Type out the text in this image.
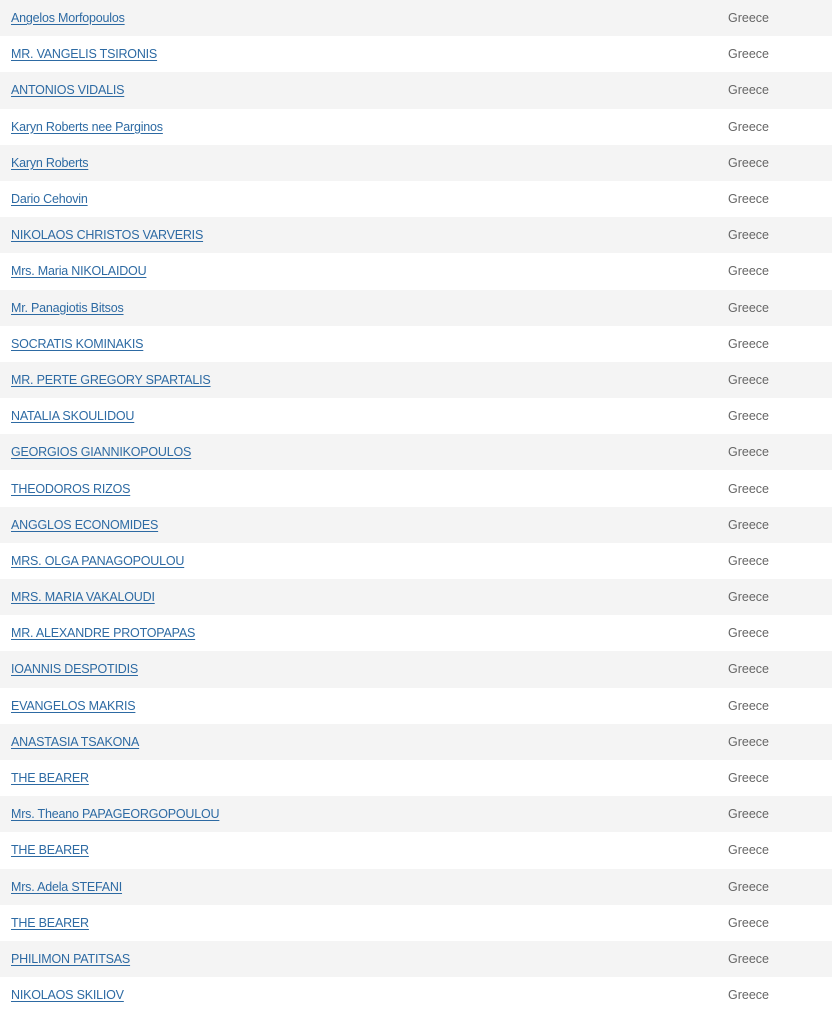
Angelos Morfopoulos	Greece
MR. VANGELIS TSIRONIS	Greece
ANTONIOS VIDALIS	Greece
Karyn Roberts nee Parginos	Greece
Karyn Roberts	Greece
Dario Cehovin	Greece
NIKOLAOS CHRISTOS VARVERIS	Greece
Mrs. Maria NIKOLAIDOU	Greece
Mr. Panagiotis Bitsos	Greece
SOCRATIS KOMINAKIS	Greece
MR. PERTE GREGORY SPARTALIS	Greece
NATALIA SKOULIDOU	Greece
GEORGIOS GIANNIKOPOULOS	Greece
THEODOROS RIZOS	Greece
ANGGLOS ECONOMIDES	Greece
MRS. OLGA PANAGOPOULOU	Greece
MRS. MARIA VAKALOUDI	Greece
MR. ALEXANDRE PROTOPAPAS	Greece
IOANNIS DESPOTIDIS	Greece
EVANGELOS MAKRIS	Greece
ANASTASIA TSAKONA	Greece
THE BEARER	Greece
Mrs. Theano PAPAGEORGOPOULOU	Greece
THE BEARER	Greece
Mrs. Adela STEFANI	Greece
THE BEARER	Greece
PHILIMON PATITSAS	Greece
NIKOLAOS SKILIOV	Greece
